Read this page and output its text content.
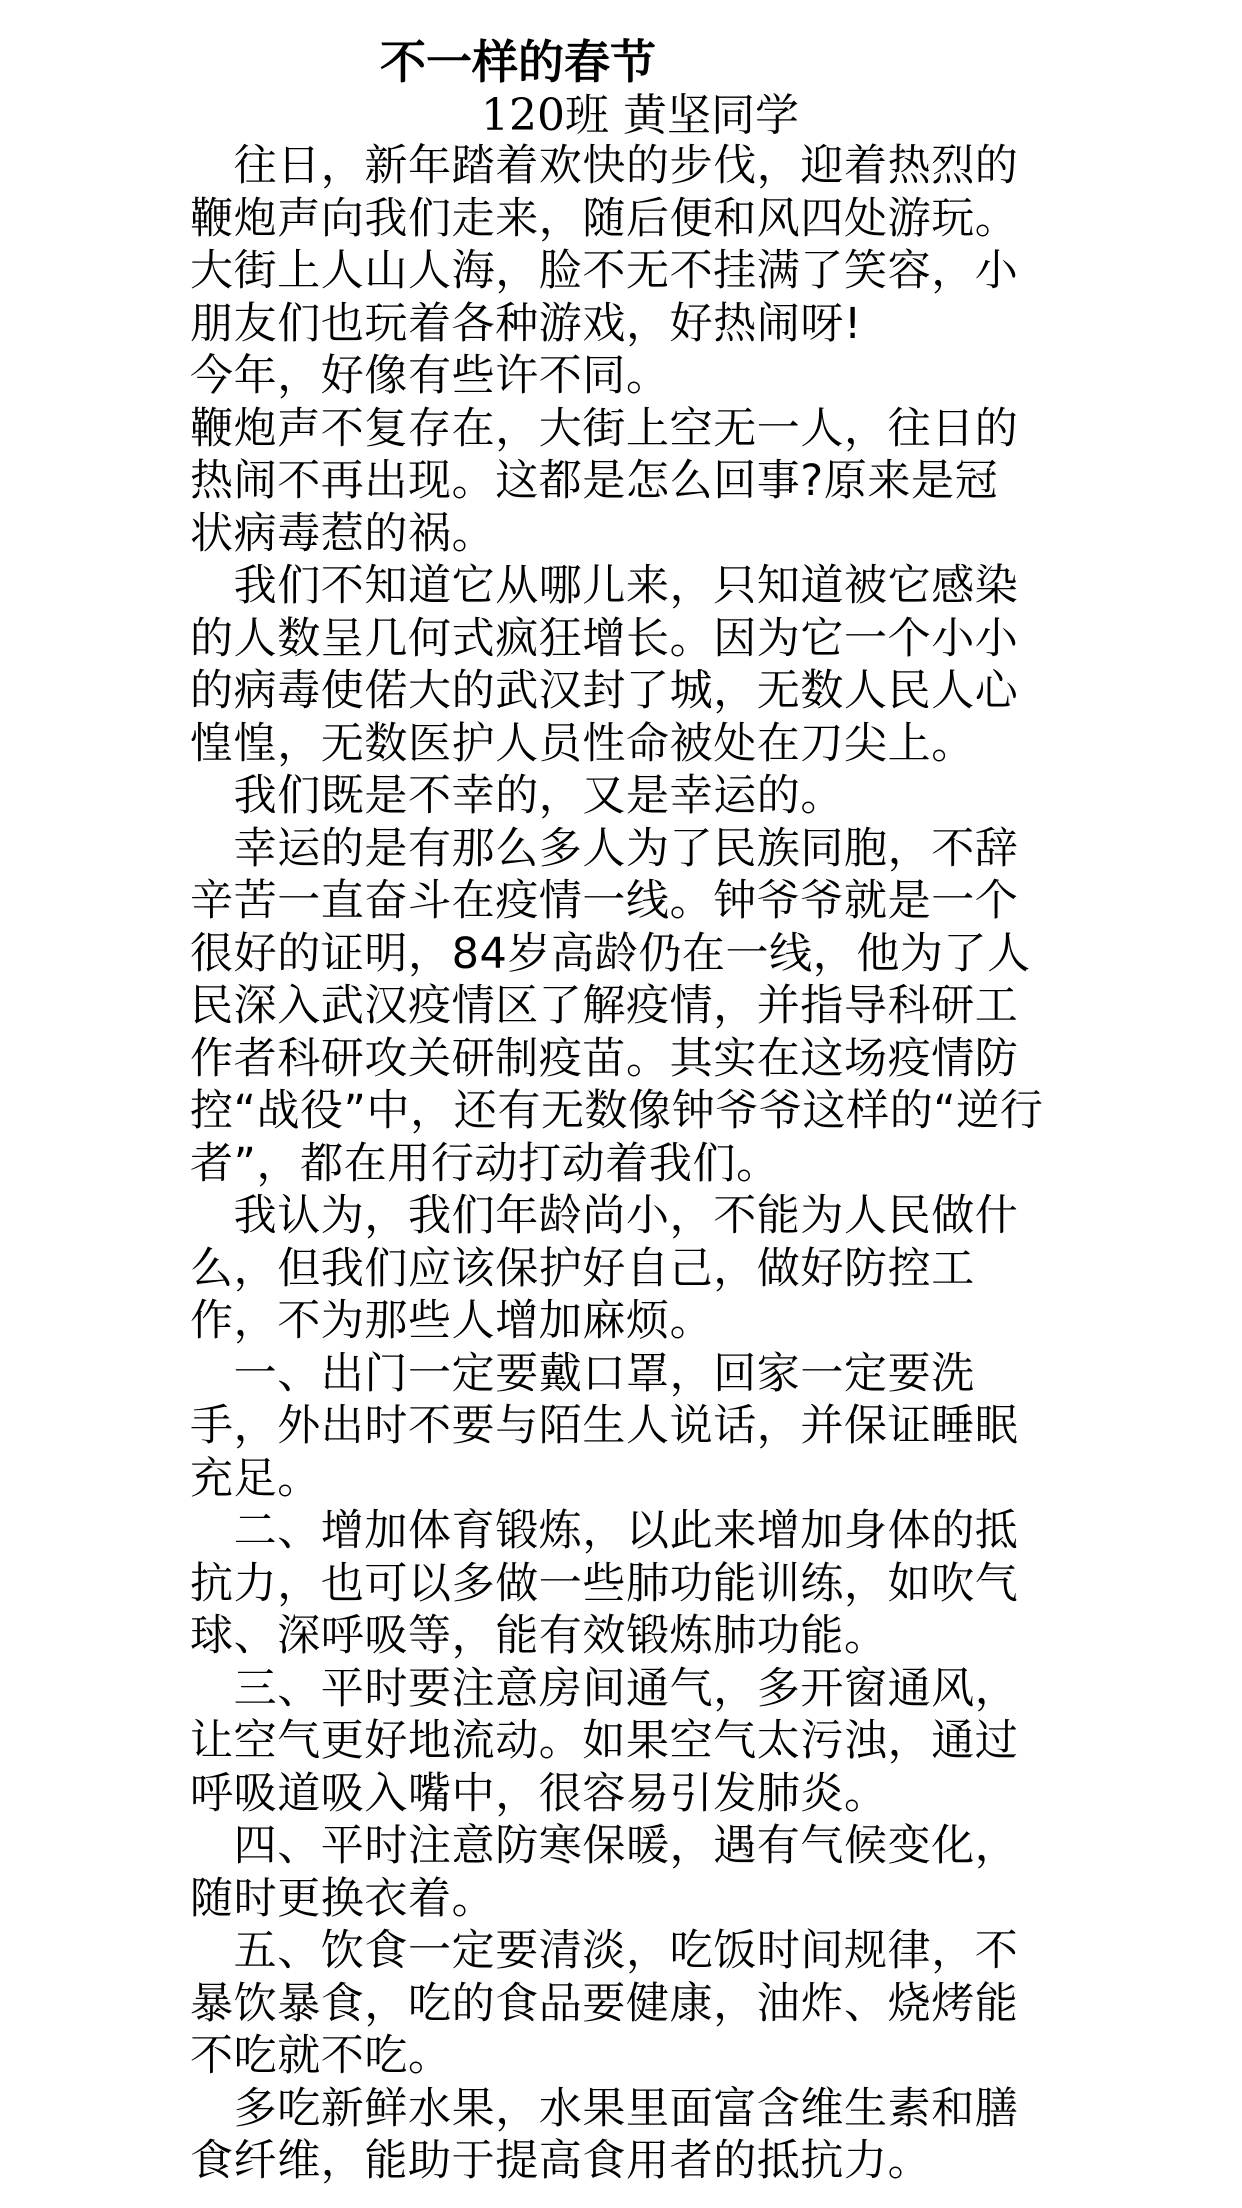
不一样的春节
120班 黄坚同学
　往日，新年踏着欢快的步伐，迎着热烈的
鞭炮声向我们走来，随后便和风四处游玩。
大街上人山人海，脸不无不挂满了笑容，小
朋友们也玩着各种游戏，好热闹呀!
今年，好像有些许不同。
鞭炮声不复存在，大街上空无一人，往日的
热闹不再出现。这都是怎么回事?原来是冠
状病毒惹的祸。
　我们不知道它从哪儿来，只知道被它感染
的人数呈几何式疯狂增长。因为它一个小小
的病毒使偌大的武汉封了城，无数人民人心
惶惶，无数医护人员性命被处在刀尖上。
　我们既是不幸的，又是幸运的。
　幸运的是有那么多人为了民族同胞，不辞
辛苦一直奋斗在疫情一线。钟爷爷就是一个
很好的证明，84岁高龄仍在一线，他为了人
民深入武汉疫情区了解疫情，并指导科研工
作者科研攻关研制疫苗。其实在这场疫情防
控“战役”中，还有无数像钟爷爷这样的“逆行
者”，都在用行动打动着我们。
　我认为，我们年龄尚小，不能为人民做什
么，但我们应该保护好自己，做好防控工
作，不为那些人增加麻烦。
　一、出门一定要戴口罩，回家一定要洗
手，外出时不要与陌生人说话，并保证睡眠
充足。
　二、增加体育锻炼，以此来增加身体的抵
抗力，也可以多做一些肺功能训练，如吹气
球、深呼吸等，能有效锻炼肺功能。
　三、平时要注意房间通气，多开窗通风，
让空气更好地流动。如果空气太污浊，通过
呼吸道吸入嘴中，很容易引发肺炎。
　四、平时注意防寒保暖，遇有气候变化，
随时更换衣着。
　五、饮食一定要清淡，吃饭时间规律，不
暴饮暴食，吃的食品要健康，油炸、烧烤能
不吃就不吃。
　多吃新鲜水果，水果里面富含维生素和膳
食纤维，能助于提高食用者的抵抗力。
